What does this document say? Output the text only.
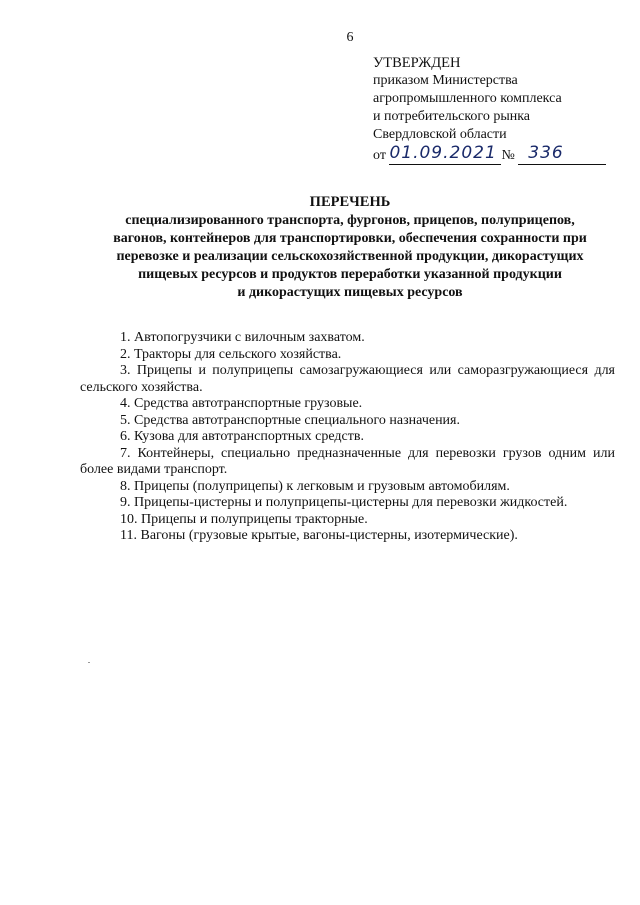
6
УТВЕРЖДЕН
приказом Министерства
агропромышленного комплекса
и потребительского рынка
Свердловской области
от 01.09.2021 № 336
ПЕРЕЧЕНЬ
специализированного транспорта, фургонов, прицепов, полуприцепов,
вагонов, контейнеров для транспортировки, обеспечения сохранности при
перевозке и реализации сельскохозяйственной продукции, дикорастущих
пищевых ресурсов и продуктов переработки указанной продукции
и дикорастущих пищевых ресурсов

1. Автопогрузчики с вилочным захватом.

2. Тракторы для сельского хозяйства.

3. Прицепы и полуприцепы самозагружающиеся или саморазгружающиеся для сельского хозяйства.

4. Средства автотранспортные грузовые.

5. Средства автотранспортные специального назначения.

6. Кузова для автотранспортных средств.

7. Контейнеры, специально предназначенные для перевозки грузов одним или более видами транспорт.

8. Прицепы (полуприцепы) к легковым и грузовым автомобилям.

9. Прицепы-цистерны и полуприцепы-цистерны для перевозки жидкостей.

10. Прицепы и полуприцепы тракторные.

11. Вагоны (грузовые крытые, вагоны-цистерны, изотермические).
